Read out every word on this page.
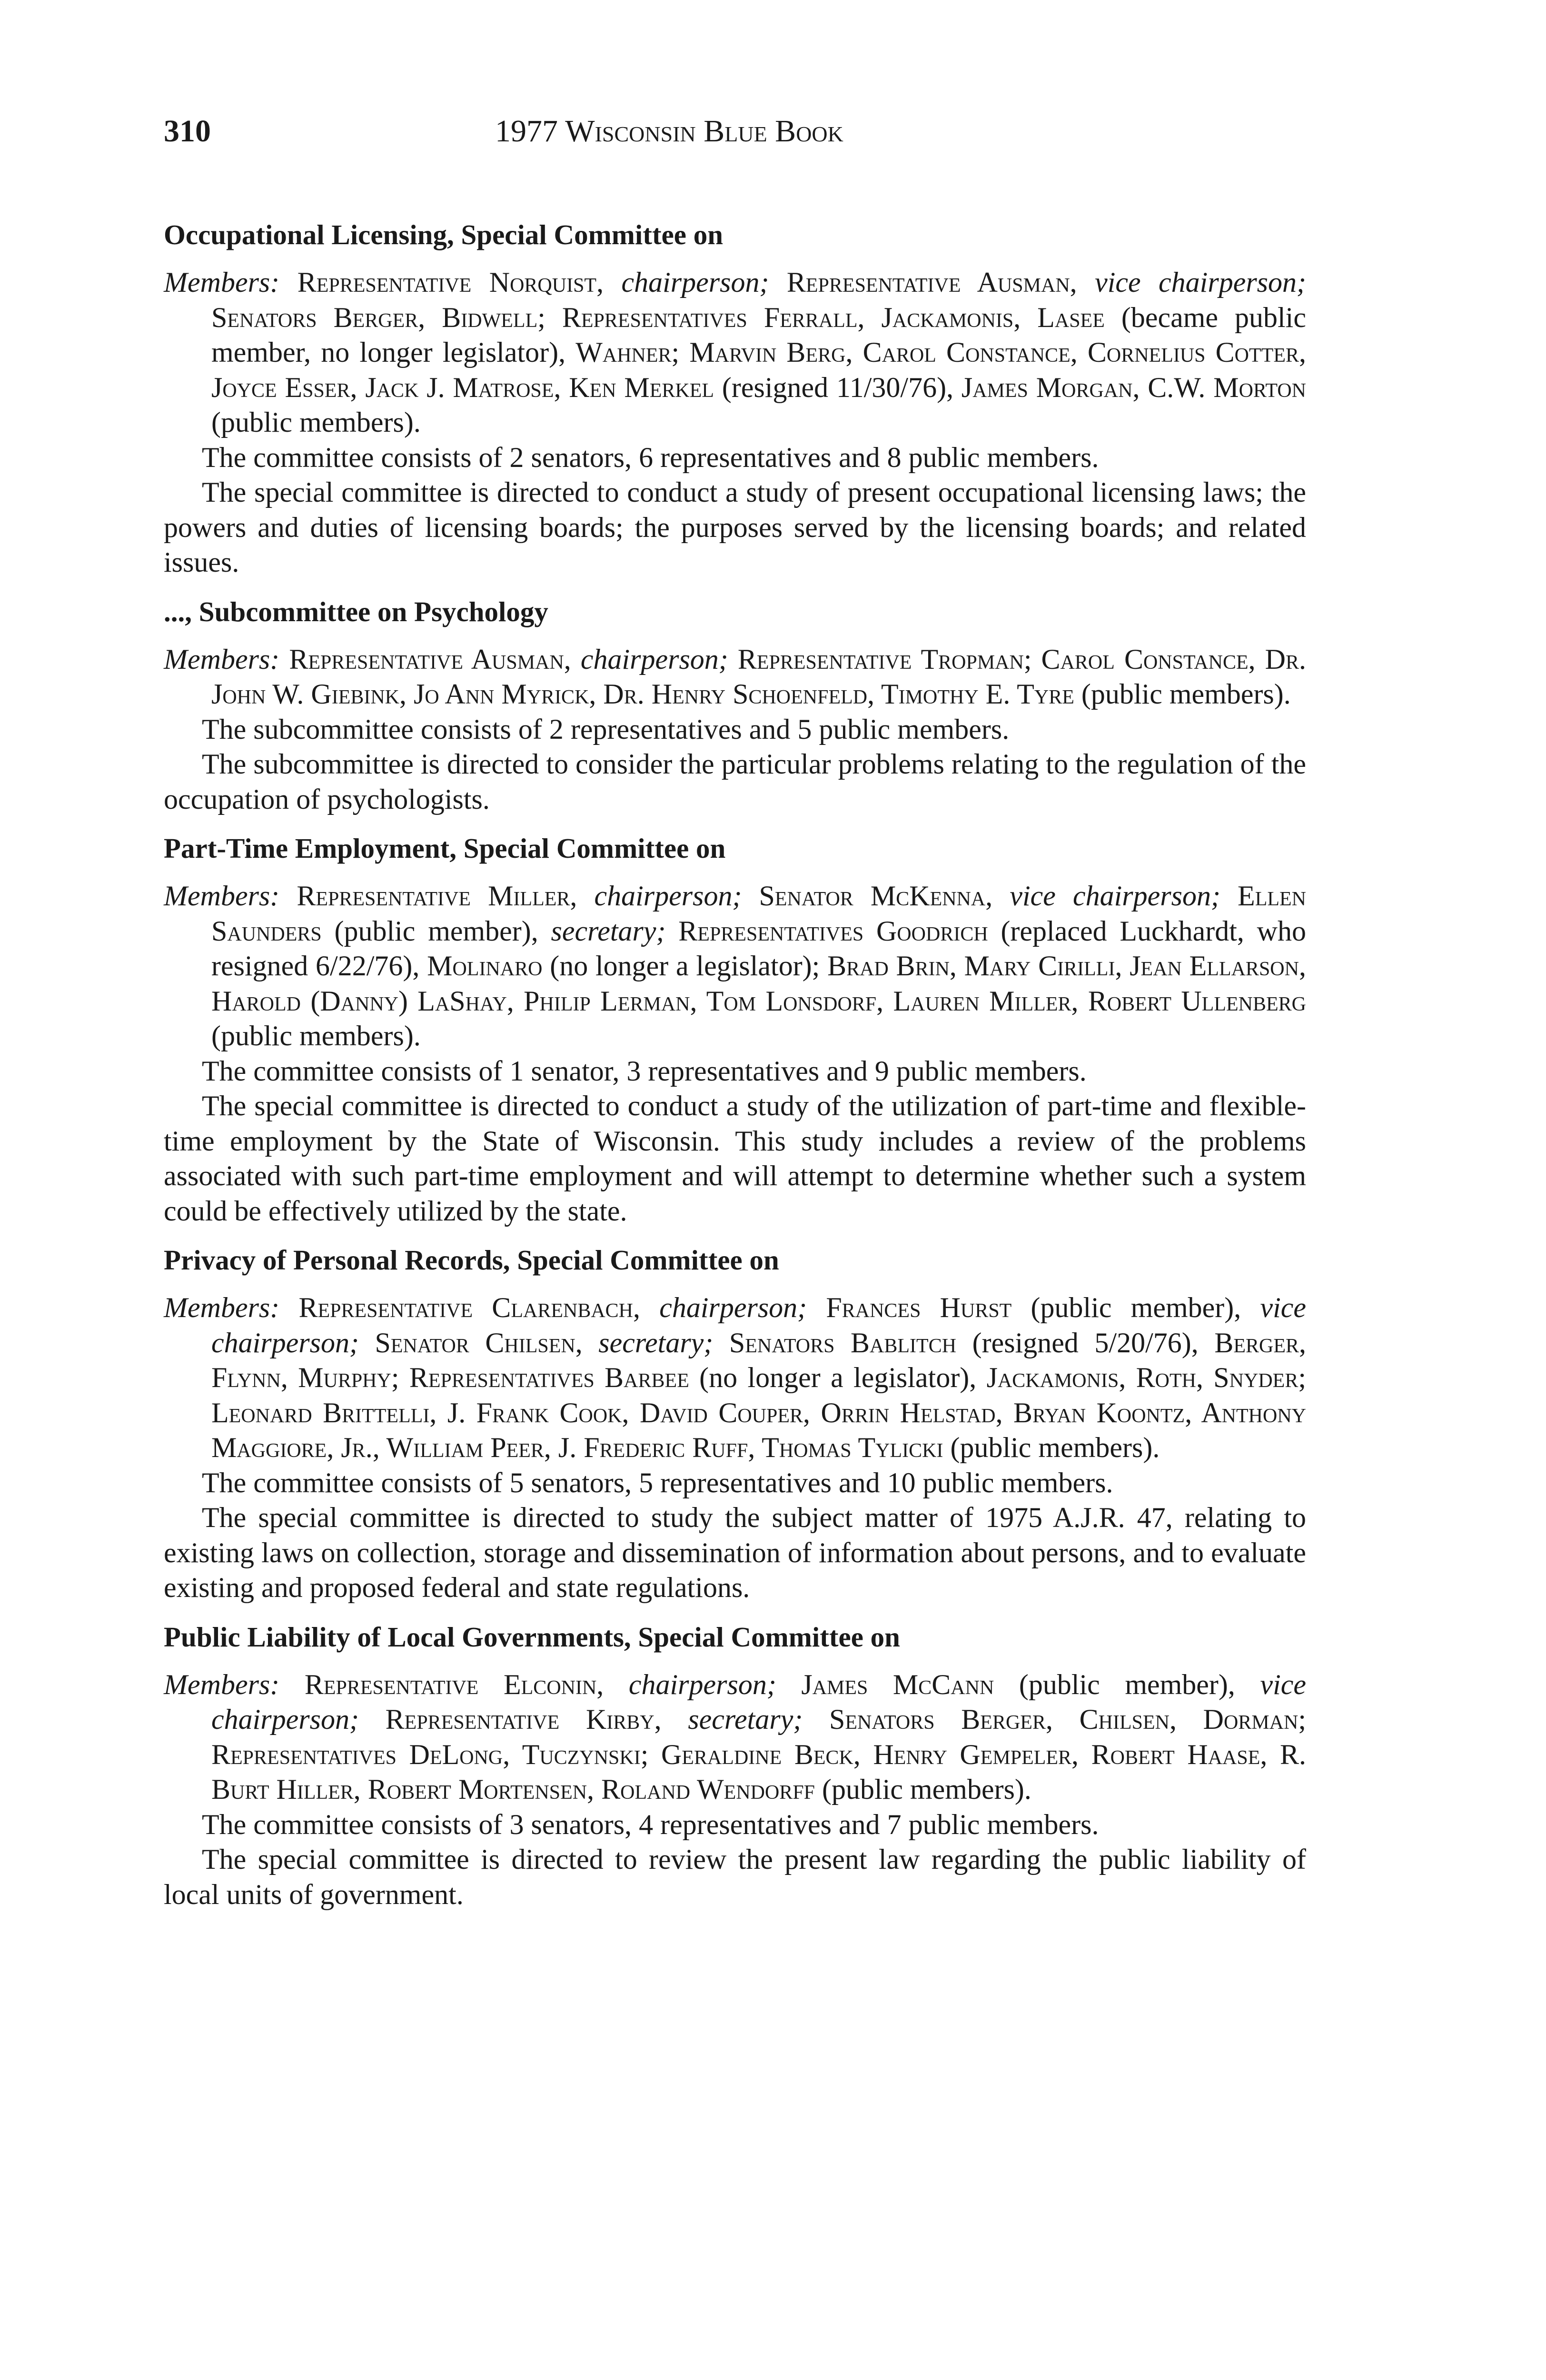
310	1977 Wisconsin Blue Book

Occupational Licensing, Special Committee on

Members: Representative Norquist, chairperson; Representative Ausman, vice chairperson; Senators Berger, Bidwell; Representatives Ferrall, Jackamonis, Lasee (became public member, no longer legislator), Wahner; Marvin Berg, Carol Constance, Cornelius Cotter, Joyce Esser, Jack J. Matrose, Ken Merkel (resigned 11/30/76), James Morgan, C.W. Morton (public members).

The committee consists of 2 senators, 6 representatives and 8 public members.

The special committee is directed to conduct a study of present occupational licensing laws; the powers and duties of licensing boards; the purposes served by the licensing boards; and related issues.

..., Subcommittee on Psychology

Members: Representative Ausman, chairperson; Representative Tropman; Carol Constance, Dr. John W. Giebink, Jo Ann Myrick, Dr. Henry Schoenfeld, Timothy E. Tyre (public members).

The subcommittee consists of 2 representatives and 5 public members.

The subcommittee is directed to consider the particular problems relating to the regulation of the occupation of psychologists.

Part-Time Employment, Special Committee on

Members: Representative Miller, chairperson; Senator McKenna, vice chairperson; Ellen Saunders (public member), secretary; Representatives Goodrich (replaced Luckhardt, who resigned 6/22/76), Molinaro (no longer a legislator); Brad Brin, Mary Cirilli, Jean Ellarson, Harold (Danny) LaShay, Philip Lerman, Tom Lonsdorf, Lauren Miller, Robert Ullenberg (public members).

The committee consists of 1 senator, 3 representatives and 9 public members.

The special committee is directed to conduct a study of the utilization of part-time and flexible-time employment by the State of Wisconsin. This study includes a review of the problems associated with such part-time employment and will attempt to determine whether such a system could be effectively utilized by the state.

Privacy of Personal Records, Special Committee on

Members: Representative Clarenbach, chairperson; Frances Hurst (public member), vice chairperson; Senator Chilsen, secretary; Senators Bablitch (resigned 5/20/76), Berger, Flynn, Murphy; Representatives Barbee (no longer a legislator), Jackamonis, Roth, Snyder; Leonard Brittelli, J. Frank Cook, David Couper, Orrin Helstad, Bryan Koontz, Anthony Maggiore, Jr., William Peer, J. Frederic Ruff, Thomas Tylicki (public members).

The committee consists of 5 senators, 5 representatives and 10 public members.

The special committee is directed to study the subject matter of 1975 A.J.R. 47, relating to existing laws on collection, storage and dissemination of information about persons, and to evaluate existing and proposed federal and state regulations.

Public Liability of Local Governments, Special Committee on

Members: Representative Elconin, chairperson; James McCann (public member), vice chairperson; Representative Kirby, secretary; Senators Berger, Chilsen, Dorman; Representatives DeLong, Tuczynski; Geraldine Beck, Henry Gempeler, Robert Haase, R. Burt Hiller, Robert Mortensen, Roland Wendorff (public members).

The committee consists of 3 senators, 4 representatives and 7 public members.

The special committee is directed to review the present law regarding the public liability of local units of government.
